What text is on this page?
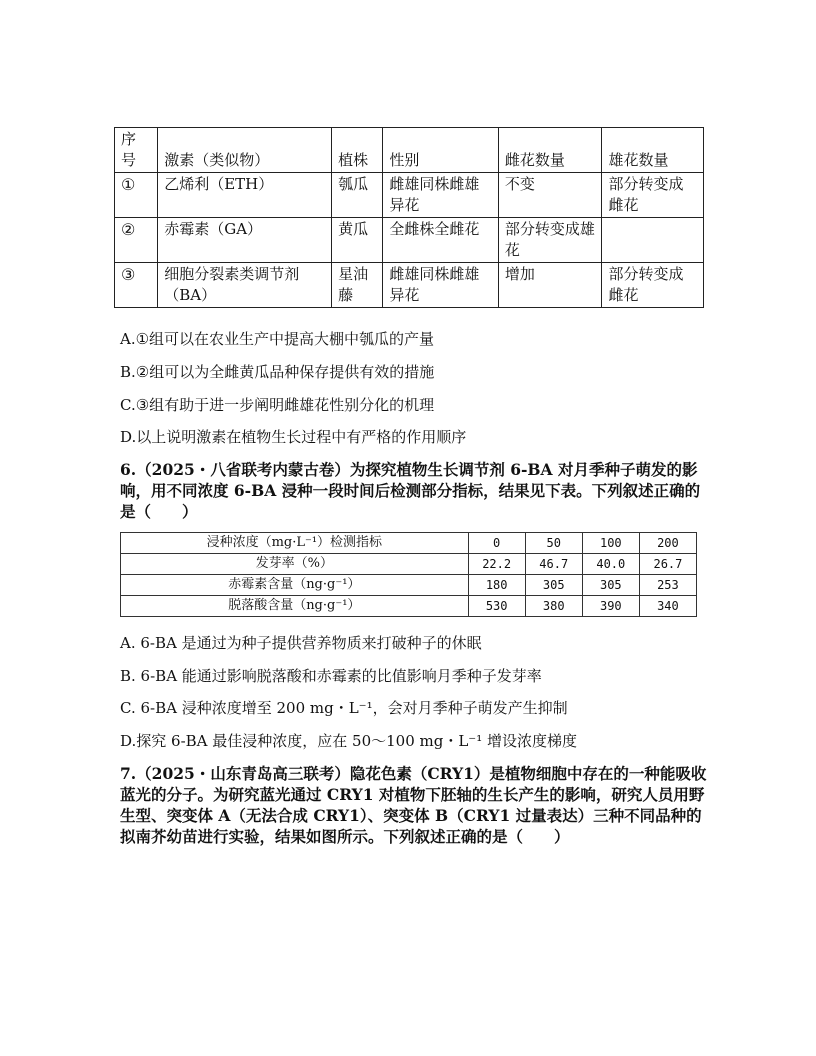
序
号	激素（类似物）	植株	性别	雌花数量	雄花数量
①	乙烯利（ETH）	瓠瓜	雌雄同株雌雄异花	不变	部分转变成雌花
②	赤霉素（GA）	黄瓜	全雌株全雌花	部分转变成雄花	
③	细胞分裂素类调节剂（BA）	星油藤	雌雄同株雌雄异花	增加	部分转变成雌花
A.①组可以在农业生产中提高大棚中瓠瓜的产量
B.②组可以为全雌黄瓜品种保存提供有效的措施
C.③组有助于进一步阐明雌雄花性别分化的机理
D.以上说明激素在植物生长过程中有严格的作用顺序
6.（2025・八省联考内蒙古卷）为探究植物生长调节剂 6-BA 对月季种子萌发的影响，用不同浓度 6-BA 浸种一段时间后检测部分指标，结果见下表。下列叙述正确的是（　　）
浸种浓度（mg·L⁻¹）检测指标	0	50	100	200
发芽率（%）	22.2	46.7	40.0	26.7
赤霉素含量（ng·g⁻¹）	180	305	305	253
脱落酸含量（ng·g⁻¹）	530	380	390	340
A. 6-BA 是通过为种子提供营养物质来打破种子的休眠
B. 6-BA 能通过影响脱落酸和赤霉素的比值影响月季种子发芽率
C. 6-BA 浸种浓度增至 200 mg・L⁻¹，会对月季种子萌发产生抑制
D.探究 6-BA 最佳浸种浓度，应在 50～100 mg・L⁻¹ 增设浓度梯度
7.（2025・山东青岛高三联考）隐花色素（CRY1）是植物细胞中存在的一种能吸收蓝光的分子。为研究蓝光通过 CRY1 对植物下胚轴的生长产生的影响，研究人员用野生型、突变体 A（无法合成 CRY1）、突变体 B（CRY1 过量表达）三种不同品种的拟南芥幼苗进行实验，结果如图所示。下列叙述正确的是（　　）
